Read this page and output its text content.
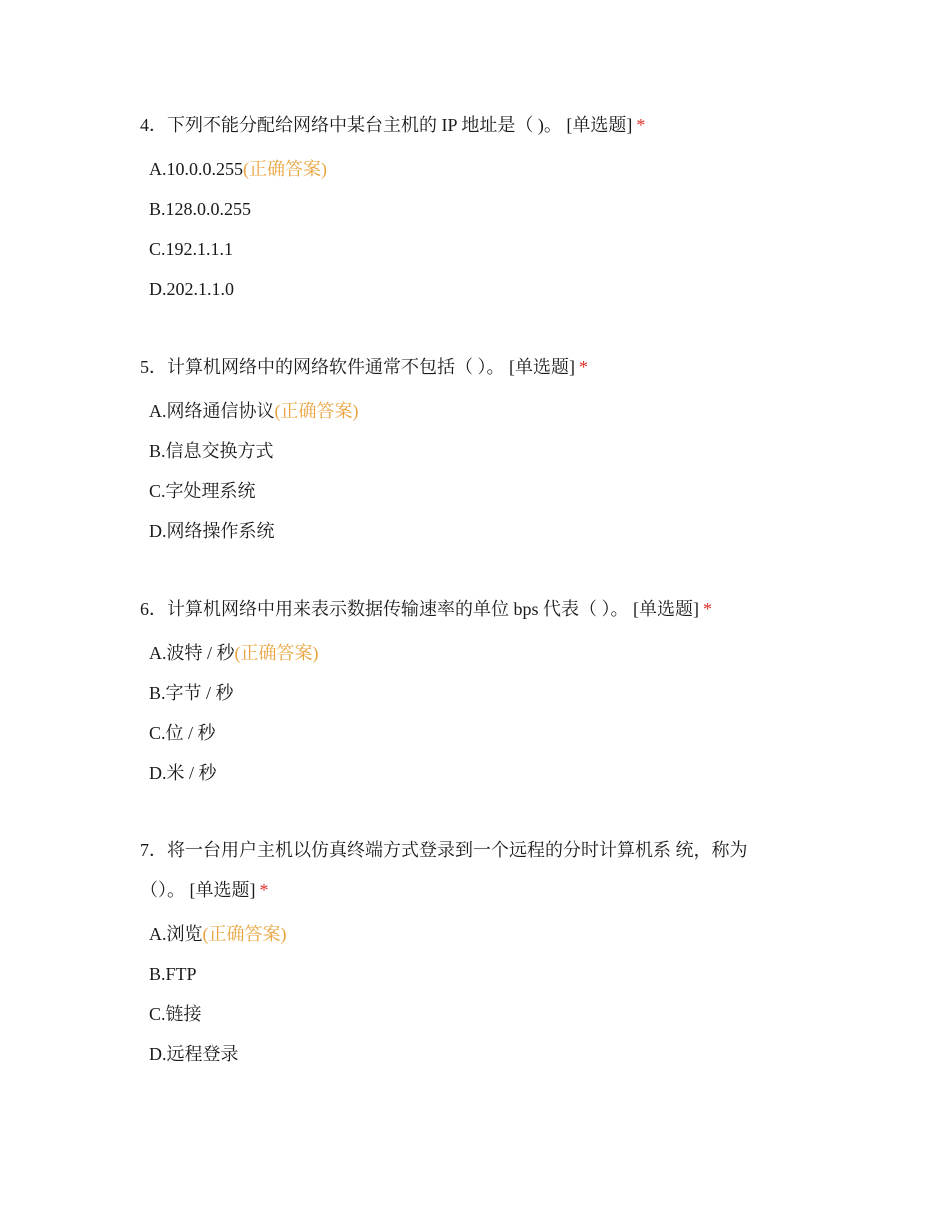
4．下列不能分配给网络中某台主机的 IP 地址是（ )。 [单选题] *

A.10.0.0.255(正确答案)
B.128.0.0.255
C.192.1.1.1
D.202.1.1.0

5．计算机网络中的网络软件通常不包括（ ）。 [单选题] *

A.网络通信协议(正确答案)
B.信息交换方式
C.字处理系统
D.网络操作系统

6．计算机网络中用来表示数据传输速率的单位 bps 代表（ ）。 [单选题] *

A.波特 / 秒(正确答案)
B.字节 / 秒
C.位 / 秒
D.米 / 秒

7．将一台用户主机以仿真终端方式登录到一个远程的分时计算机系 统，称为（）。 [单选题] *

A.浏览(正确答案)
B.FTP
C.链接
D.远程登录
